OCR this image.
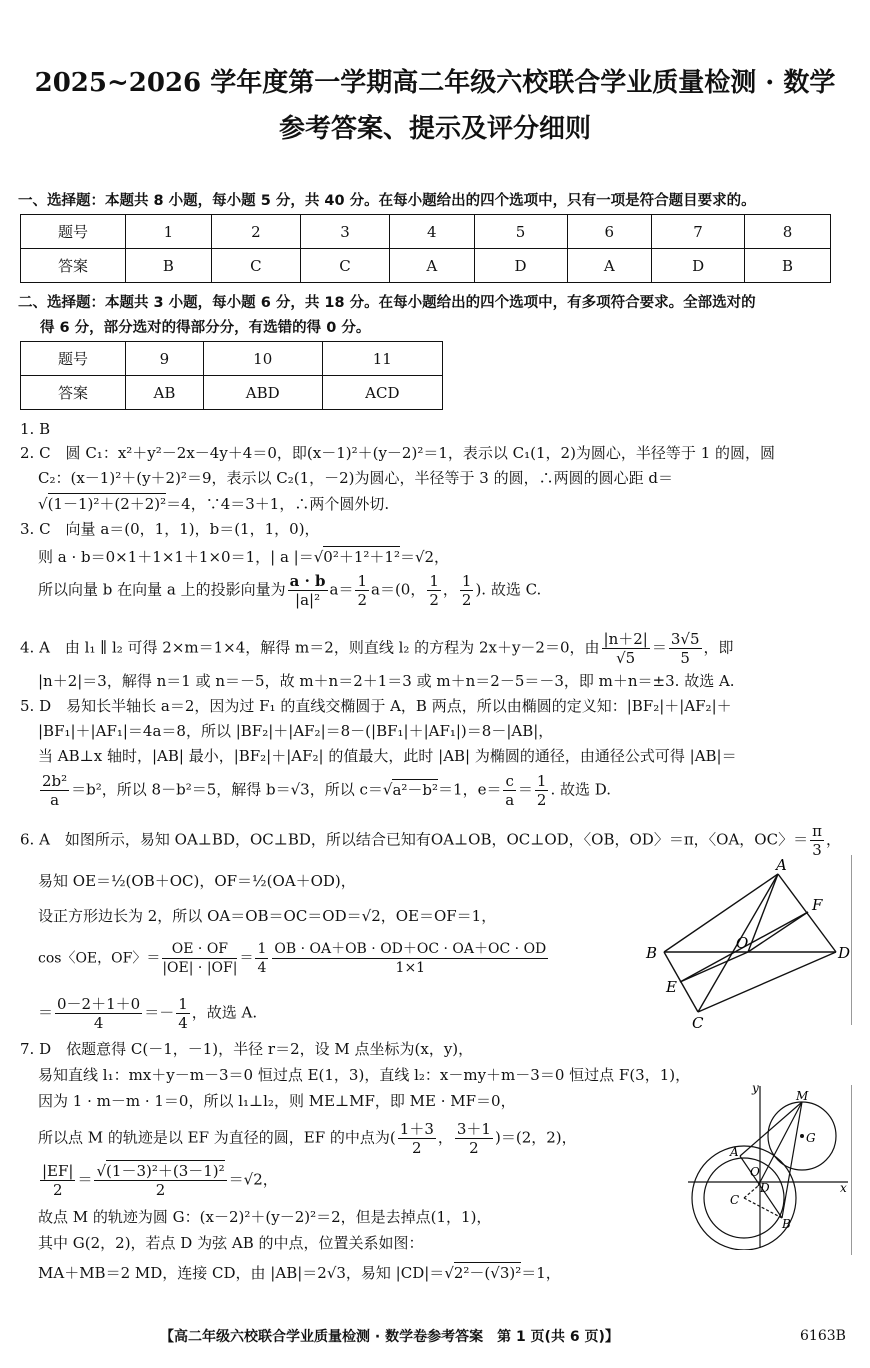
2025~2026 学年度第一学期高二年级六校联合学业质量检测 · 数学
参考答案、提示及评分细则
一、选择题：本题共 8 小题，每小题 5 分，共 40 分。在每小题给出的四个选项中，只有一项是符合题目要求的。
题号	1	2	3	4	5	6	7	8
答案	B	C	C	A	D	A	D	B
二、选择题：本题共 3 小题，每小题 6 分，共 18 分。在每小题给出的四个选项中，有多项符合要求。全部选对的
得 6 分，部分选对的得部分分，有选错的得 0 分。
题号	9	10	11
答案	AB	ABD	ACD
1. B
2. C　圆 C₁：x²＋y²－2x－4y＋4＝0，即(x－1)²＋(y－2)²＝1，表示以 C₁(1，2)为圆心，半径等于 1 的圆，圆
C₂：(x－1)²＋(y＋2)²＝9，表示以 C₂(1，－2)为圆心，半径等于 3 的圆，∴两圆的圆心距 d＝
√(1－1)²＋(2＋2)²＝4，∵4＝3＋1，∴两个圆外切.
3. C　向量 a＝(0，1，1)，b＝(1，1，0)，
则 a · b＝0×1＋1×1＋1×0＝1，| a |＝√0²＋1²＋1²＝√2，
所以向量 b 在向量 a 上的投影向量为 $\frac{a \cdot b}{\text{|a|²}} a= \frac{1}{2} a=(0$， $\frac{1}{2}$ ， $\frac{1}{2}$ ). 故选 C.
4. A　由 l₁ ∥ l₂ 可得 2×m＝1×4，解得 m＝2，则直线 l₂ 的方程为 2x＋y－2＝0，由 $\frac{|n+2|}{√5} = \frac{3√5}{5}$ ，即
|n＋2|＝3，解得 n＝1 或 n＝－5，故 m＋n＝2＋1＝3 或 m＋n＝2－5＝－3，即 m＋n＝±3. 故选 A.
5. D　易知长半轴长 a＝2，因为过 F₁ 的直线交椭圆于 A，B 两点，所以由椭圆的定义知：|BF₂|＋|AF₂|＋
|BF₁|＋|AF₁|＝4a＝8，所以 |BF₂|＋|AF₂|＝8－(|BF₁|＋|AF₁|)＝8－|AB|，
当 AB⊥x 轴时，|AB| 最小，|BF₂|＋|AF₂| 的值最大，此时 |AB| 为椭圆的通径，由通径公式可得 |AB|＝
$\frac{\text{2b²}}{a} =b^2$，所以 8－b²＝5，解得 b＝√3，所以 c＝√a²－b²＝1，$e= \frac{c}{a} = \frac{1}{2}$ . 故选 D.
6. A　如图所示，易知 OA⊥BD，OC⊥BD，所以结合已知有OA⊥OB，OC⊥OD，〈OB，OD〉＝π，〈OA，OC〉＝ $\frac{\pi}{3}$ ，
易知 OE＝½(OB＋OC)，OF＝½(OA＋OD)，
设正方形边长为 2，所以 OA＝OB＝OC＝OD＝√2，OE＝OF＝1，
cos〈OE，OF〉＝ $\frac{OE \cdot OF}{|OE| \cdot |OF|} = \frac{1}{4} \frac{OB \cdot OA+OB \cdot OD+OC \cdot OA+OC \cdot OD}{1\times 1}$
＝ $\frac{0-2+1+0}{4} =- \frac{1}{4}$ ，故选 A.
B
A
D
C
E
F
O
7. D　依题意得 C(－1，－1)，半径 r＝2，设 M 点坐标为(x，y)，
易知直线 l₁：mx＋y－m－3＝0 恒过点 E(1，3)，直线 l₂：x－my＋m－3＝0 恒过点 F(3，1)，
因为 1 · m－m · 1＝0，所以 l₁⊥l₂，则 ME⊥MF，即 ME · MF＝0，
所以点 M 的轨迹是以 EF 为直径的圆，EF 的中点为( $\frac{1+3}{2}$ ， $\frac{3+1}{2} )=(2$，2)，
$\frac{|EF|}{2} = \frac{\text{√(1－3)²＋(3－1)²}}{2} =√2$，
故点 M 的轨迹为圆 G：(x－2)²＋(y－2)²＝2，但是去掉点(1，1)，
其中 G(2，2)，若点 D 为弦 AB 的中点，位置关系如图：
MA＋MB＝2 MD，连接 CD，由 |AB|＝2√3，易知 |CD|＝√2²－(√3)²＝1，
y
x
M
G
A
O
D
C
B
【高二年级六校联合学业质量检测 · 数学卷参考答案　第 1 页(共 6 页)】	6163B
